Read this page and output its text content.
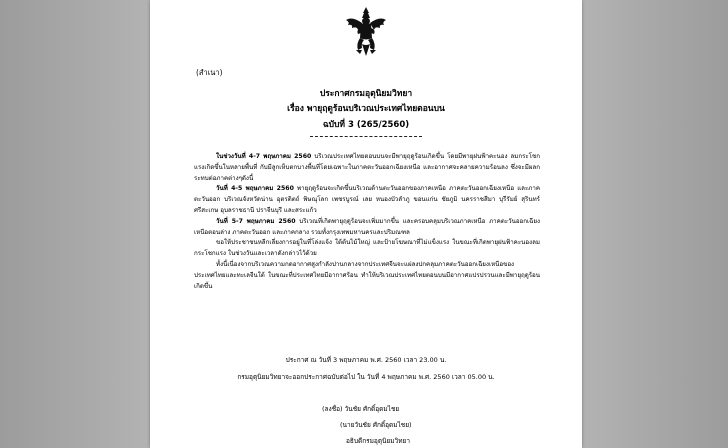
(สำเนา)
ประกาศกรมอุตุนิยมวิทยา
เรื่อง พายุฤดูร้อนบริเวณประเทศไทยตอนบน
ฉบับที่ 3 (265/2560)

ในช่วงวันที่ 4-7 พฤษภาคม 2560 บริเวณประเทศไทยตอนบนจะมีพายุฤดูร้อนเกิดขึ้น โดยมีพายุฝนฟ้าคะนอง ลมกระโชกแรงเกิดขึ้นในหลายพื้นที่ กับมีลูกเห็บตกบางพื้นที่โดยเฉพาะในภาคตะวันออกเฉียงเหนือ และอากาศจะคลายความร้อนลง ซึ่งจะมีผลกระทบต่อภาคต่างๆดังนี้

วันที่ 4-5 พฤษภาคม 2560 พายุฤดูร้อนจะเกิดขึ้นบริเวณด้านตะวันออกของภาคเหนือ ภาคตะวันออกเฉียงเหนือ และภาคตะวันออก บริเวณจังหวัดน่าน อุตรดิตถ์ พิษณุโลก เพชรบูรณ์ เลย หนองบัวลำภู ขอนแก่น ชัยภูมิ นครราชสีมา บุรีรัมย์ สุรินทร์ ศรีสะเกษ อุบลราชธานี ปราจีนบุรี และสระแก้ว

วันที่ 5-7 พฤษภาคม 2560 บริเวณที่เกิดพายุฤดูร้อนจะเพิ่มมากขึ้น และครอบคลุมบริเวณภาคเหนือ ภาคตะวันออกเฉียงเหนือตอนล่าง ภาคตะวันออก และภาคกลาง รวมทั้งกรุงเทพมหานครและปริมณฑล

ขอให้ประชาชนหลีกเลี่ยงการอยู่ในที่โล่งแจ้ง ใต้ต้นไม้ใหญ่ และป้ายโฆษณาที่ไม่แข็งแรง ในขณะที่เกิดพายุฝนฟ้าคะนองลมกระโชกแรง ในช่วงวันและเวลาดังกล่าวไว้ด้วย

ทั้งนี้เนื่องจากบริเวณความกดอากาศสูงกำลังปานกลางจากประเทศจีนจะแผ่ลงปกคลุมภาคตะวันออกเฉียงเหนือของประเทศไทยและทะเลจีนใต้ ในขณะที่ประเทศไทยมีอากาศร้อน ทำให้บริเวณประเทศไทยตอนบนมีอากาศแปรปรวนและมีพายุฤดูร้อนเกิดขึ้น

ประกาศ ณ วันที่ 3 พฤษภาคม พ.ศ. 2560 เวลา 23.00 น.
กรมอุตุนิยมวิทยาจะออกประกาศฉบับต่อไป ใน วันที่ 4 พฤษภาคม พ.ศ. 2560 เวลา 05.00 น.
(ลงชื่อ) วันชัย ศักดิ์อุดมไชย
(นายวันชัย ศักดิ์อุดมไชย)
อธิบดีกรมอุตุนิยมวิทยา
